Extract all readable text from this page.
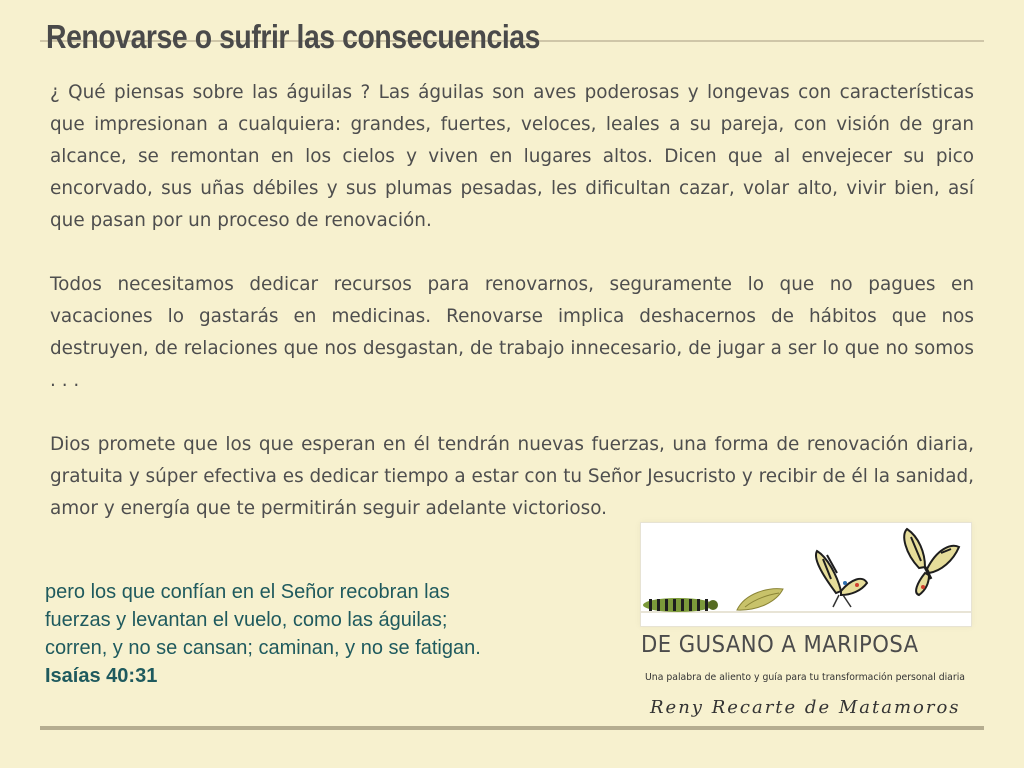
Renovarse o sufrir las consecuencias

¿ Qué piensas sobre las águilas ? Las águilas son aves poderosas y longevas con características que impresionan a cualquiera: grandes, fuertes, veloces, leales a su pareja, con visión de gran alcance, se remontan en los cielos y viven en lugares altos. Dicen que al envejecer su pico encorvado, sus uñas débiles y sus plumas pesadas, les dificultan cazar, volar alto, vivir bien, así que pasan por un proceso de renovación.

Todos necesitamos dedicar recursos para renovarnos, seguramente lo que no pagues en vacaciones lo gastarás en medicinas. Renovarse implica deshacernos de hábitos que nos destruyen, de relaciones que nos desgastan, de trabajo innecesario, de jugar a ser lo que no somos . . .

Dios promete que los que esperan en él tendrán nuevas fuerzas, una forma de renovación diaria, gratuita y súper efectiva es dedicar tiempo a estar con tu Señor Jesucristo y recibir de él la sanidad, amor y energía que te permitirán seguir adelante victorioso.

pero los que confían en el Señor recobran las fuerzas y levantan el vuelo, como las águilas; corren, y no se cansan; caminan, y no se fatigan.
Isaías 40:31
DE GUSANO A MARIPOSA
Una palabra de aliento y guía para tu transformación personal diaria
Reny Recarte de Matamoros
